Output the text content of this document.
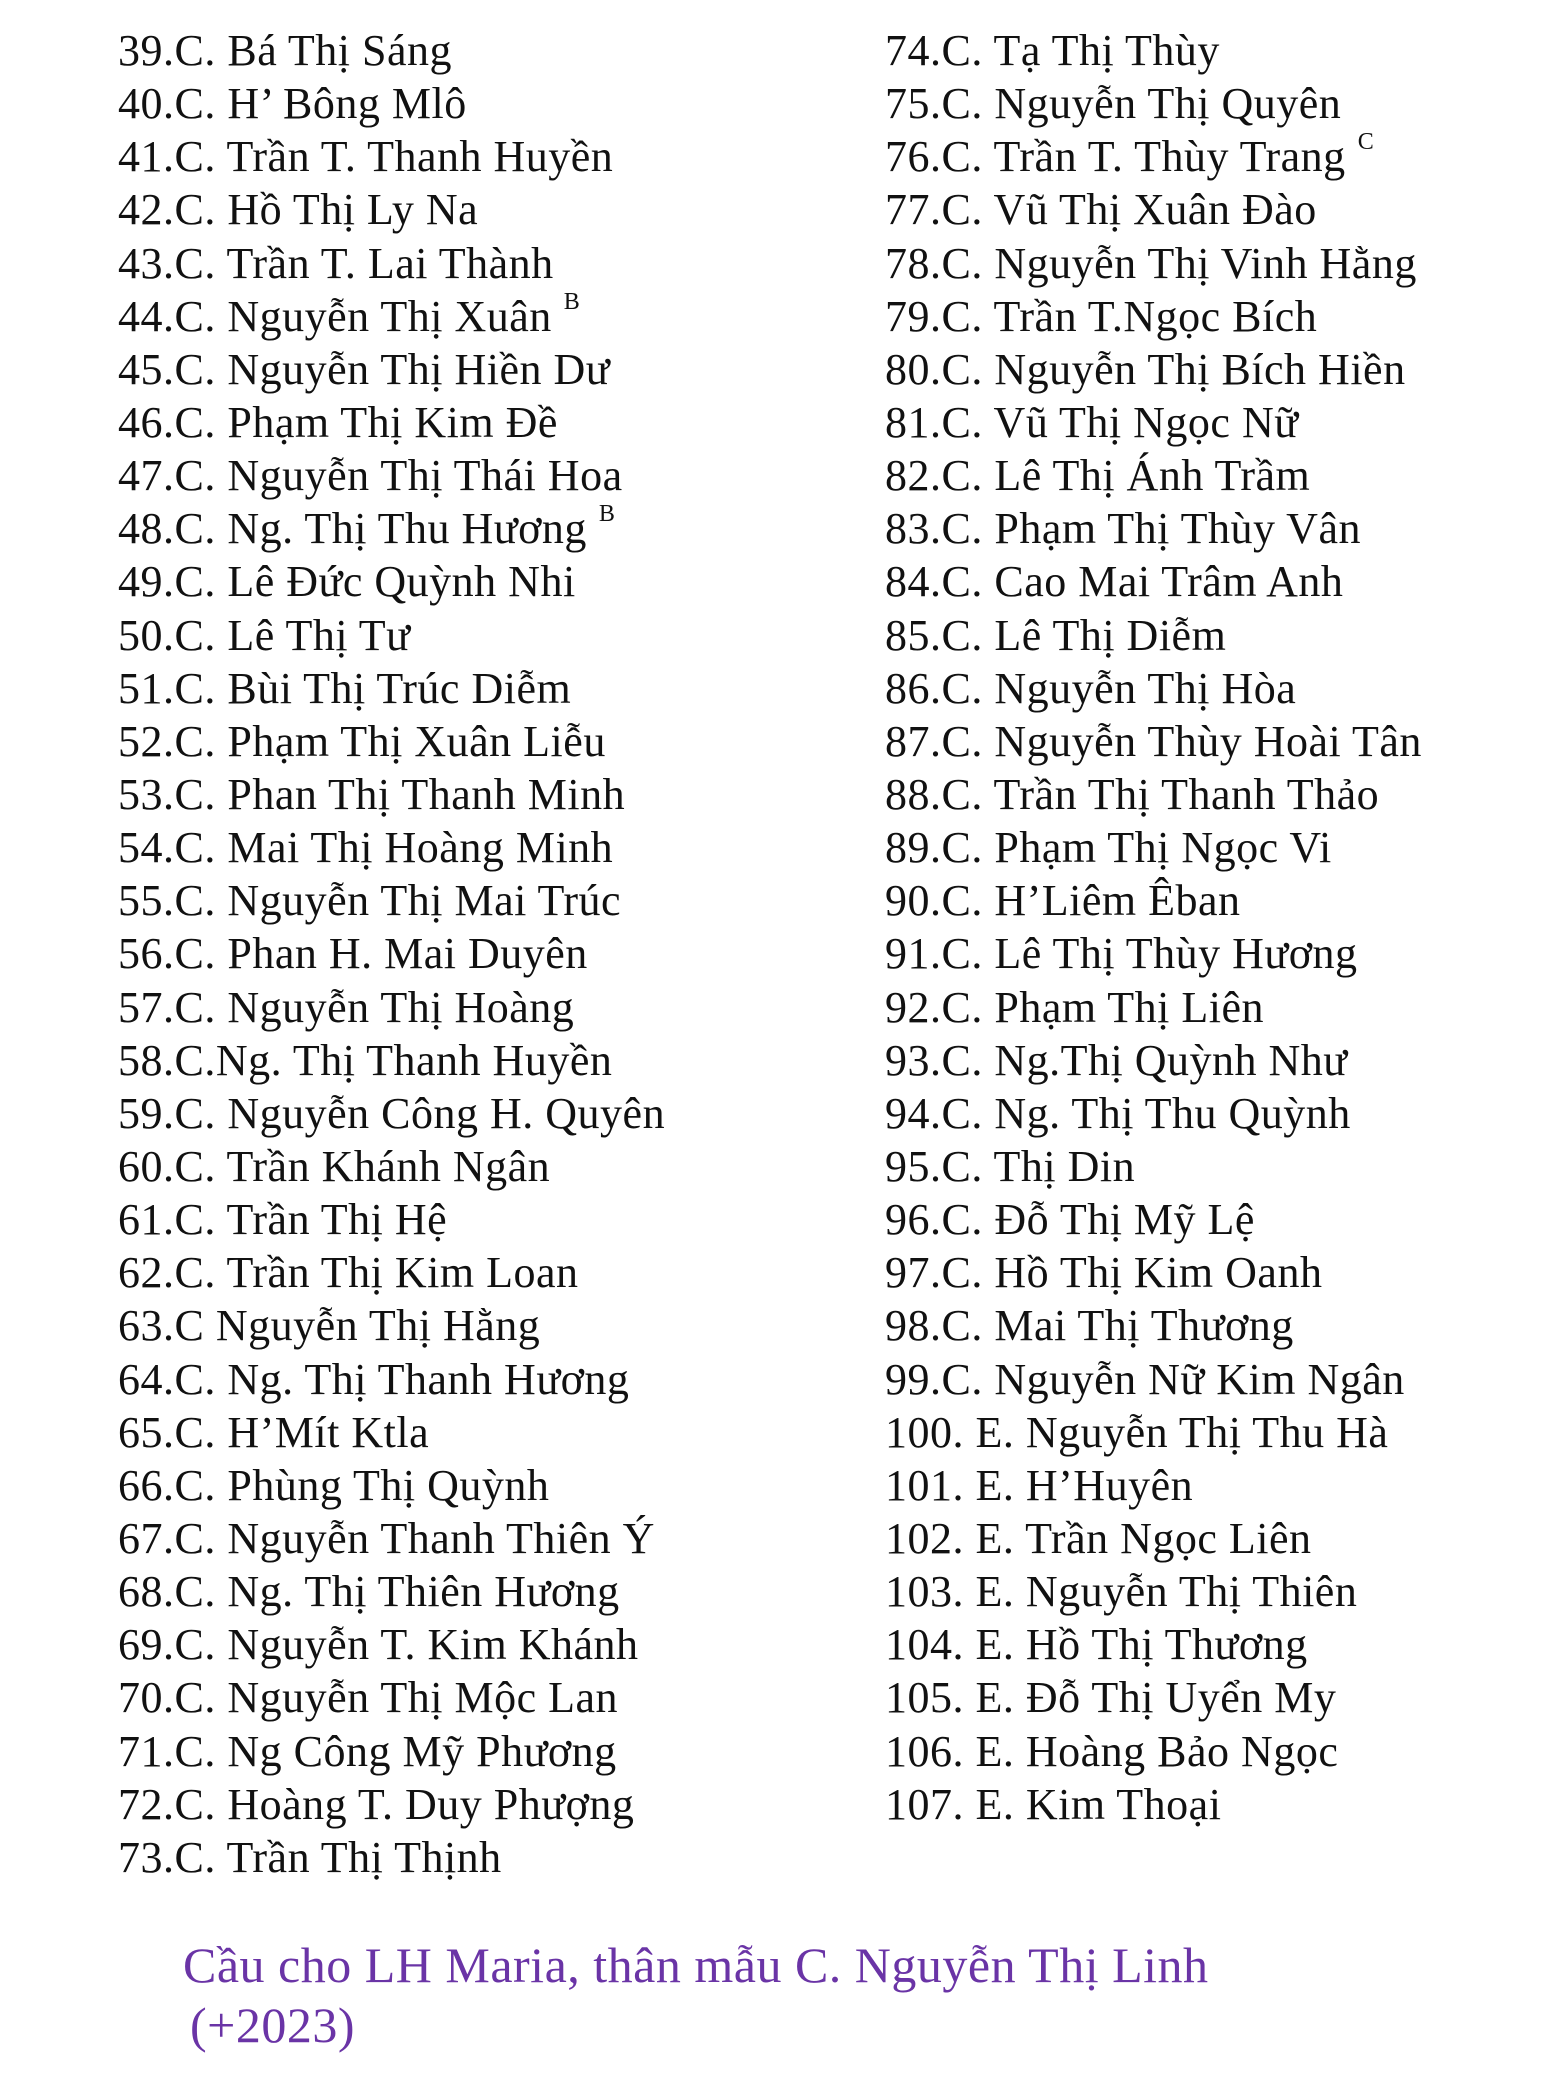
39.C. Bá Thị Sáng
40.C. H’ Bông Mlô
41.C. Trần T. Thanh Huyền
42.C. Hồ Thị Ly Na
43.C. Trần T. Lai Thành
44.C. Nguyễn Thị Xuân $^B$
45.C. Nguyễn Thị Hiền Dư
46.C. Phạm Thị Kim Đề
47.C. Nguyễn Thị Thái Hoa
48.C. Ng. Thị Thu Hương $^B$
49.C. Lê Đức Quỳnh Nhi
50.C. Lê Thị Tư
51.C. Bùi Thị Trúc Diễm
52.C. Phạm Thị Xuân Liễu
53.C. Phan Thị Thanh Minh
54.C. Mai Thị Hoàng Minh
55.C. Nguyễn Thị Mai Trúc
56.C. Phan H. Mai Duyên
57.C. Nguyễn Thị Hoàng
58.C.Ng. Thị Thanh Huyền
59.C. Nguyễn Công H. Quyên
60.C. Trần Khánh Ngân
61.C. Trần Thị Hệ
62.C. Trần Thị Kim Loan
63.C Nguyễn Thị Hằng
64.C. Ng. Thị Thanh Hương
65.C. H’Mít Ktla
66.C. Phùng Thị Quỳnh
67.C. Nguyễn Thanh Thiên Ý
68.C. Ng. Thị Thiên Hương
69.C. Nguyễn T. Kim Khánh
70.C. Nguyễn Thị Mộc Lan
71.C. Ng Công Mỹ Phương
72.C. Hoàng T. Duy Phượng
73.C. Trần Thị Thịnh
74.C. Tạ Thị Thùy
75.C. Nguyễn Thị Quyên
76.C. Trần T. Thùy Trang $^C$
77.C. Vũ Thị Xuân Đào
78.C. Nguyễn Thị Vinh Hằng
79.C. Trần T.Ngọc Bích
80.C. Nguyễn Thị Bích Hiền
81.C. Vũ Thị Ngọc Nữ
82.C. Lê Thị Ánh Trầm
83.C. Phạm Thị Thùy Vân
84.C. Cao Mai Trâm Anh
85.C. Lê Thị Diễm
86.C. Nguyễn Thị Hòa
87.C. Nguyễn Thùy Hoài Tân
88.C. Trần Thị Thanh Thảo
89.C. Phạm Thị Ngọc Vi
90.C. H’Liêm Êban
91.C. Lê Thị Thùy Hương
92.C. Phạm Thị Liên
93.C. Ng.Thị Quỳnh Như
94.C. Ng. Thị Thu Quỳnh
95.C. Thị Din
96.C. Đỗ Thị Mỹ Lệ
97.C. Hồ Thị Kim Oanh
98.C. Mai Thị Thương
99.C. Nguyễn Nữ Kim Ngân
100. E. Nguyễn Thị Thu Hà
101. E. H’Huyên
102. E. Trần Ngọc Liên
103. E. Nguyễn Thị Thiên
104. E. Hồ Thị Thương
105. E. Đỗ Thị Uyển My
106. E. Hoàng Bảo Ngọc
107. E. Kim Thoại
Cầu cho LH Maria, thân mẫu C. Nguyễn Thị Linh
(+2023)
